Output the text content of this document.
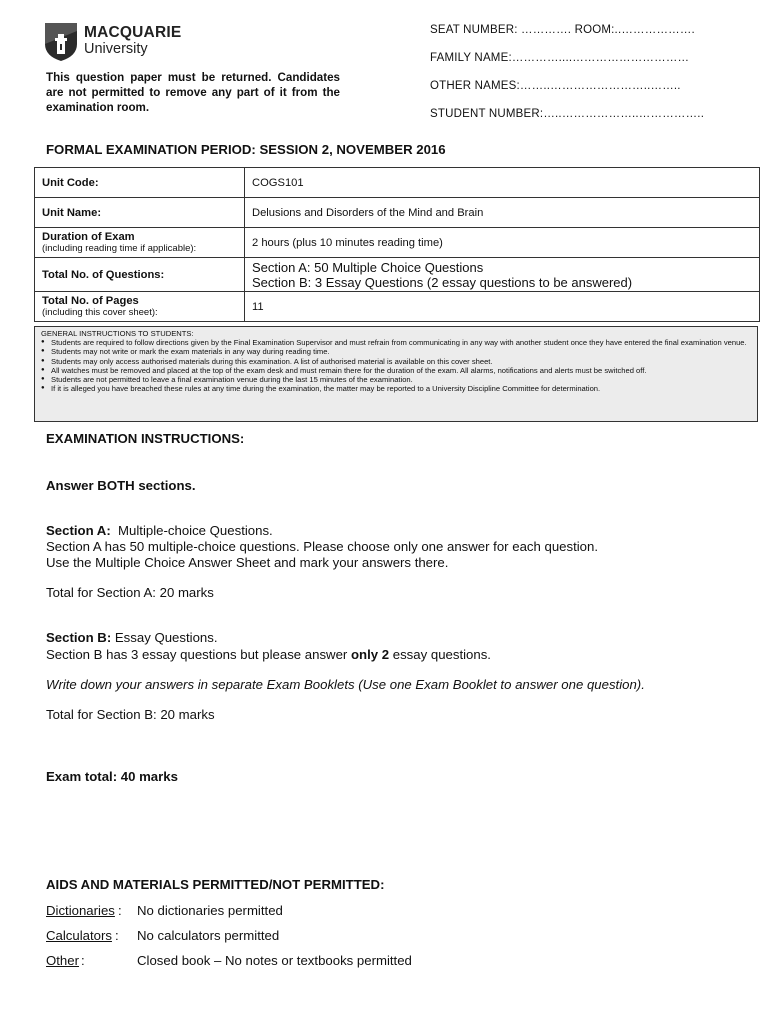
MACQUARIE
University
This question paper must be returned. Candidates are not permitted to remove any part of it from the examination room.
SEAT NUMBER: …………. ROOM:..……………….
FAMILY NAME:…………....…………………………
OTHER NAMES:……..……………………..……..
STUDENT NUMBER:…..………………..……………..
FORMAL EXAMINATION PERIOD: SESSION 2, NOVEMBER 2016
Unit Code:	COGS101
Unit Name:	Delusions and Disorders of the Mind and Brain

Duration of Exam
(including reading time if applicable):	2 hours (plus 10 minutes reading time)
Total No. of Questions:	Section A: 50 Multiple Choice Questions
Section B: 3 Essay Questions (2 essay questions to be answered)

Total No. of Pages
(including this cover sheet):	11
GENERAL INSTRUCTIONS TO STUDENTS:
● Students are required to follow directions given by the Final Examination Supervisor and must refrain from communicating in any way with another student once they have entered the final examination venue.
● Students may not write or mark the exam materials in any way during reading time.
● Students may only access authorised materials during this examination. A list of authorised material is available on this cover sheet.
● All watches must be removed and placed at the top of the exam desk and must remain there for the duration of the exam. All alarms, notifications and alerts must be switched off.
● Students are not permitted to leave a final examination venue during the last 15 minutes of the examination.
● If it is alleged you have breached these rules at any time during the examination, the matter may be reported to a University Discipline Committee for determination.
EXAMINATION INSTRUCTIONS:
Answer BOTH sections.
Section A:  Multiple-choice Questions.
Section A has 50 multiple-choice questions. Please choose only one answer for each question.
Use the Multiple Choice Answer Sheet and mark your answers there.
Total for Section A: 20 marks
Section B: Essay Questions.
Section B has 3 essay questions but please answer only 2 essay questions.
Write down your answers in separate Exam Booklets (Use one Exam Booklet to answer one question).
Total for Section B: 20 marks
Exam total: 40 marks
AIDS AND MATERIALS PERMITTED/NOT PERMITTED:
Dictionaries : No dictionaries permitted
Calculators : No calculators permitted
Other :	Closed book – No notes or textbooks permitted
